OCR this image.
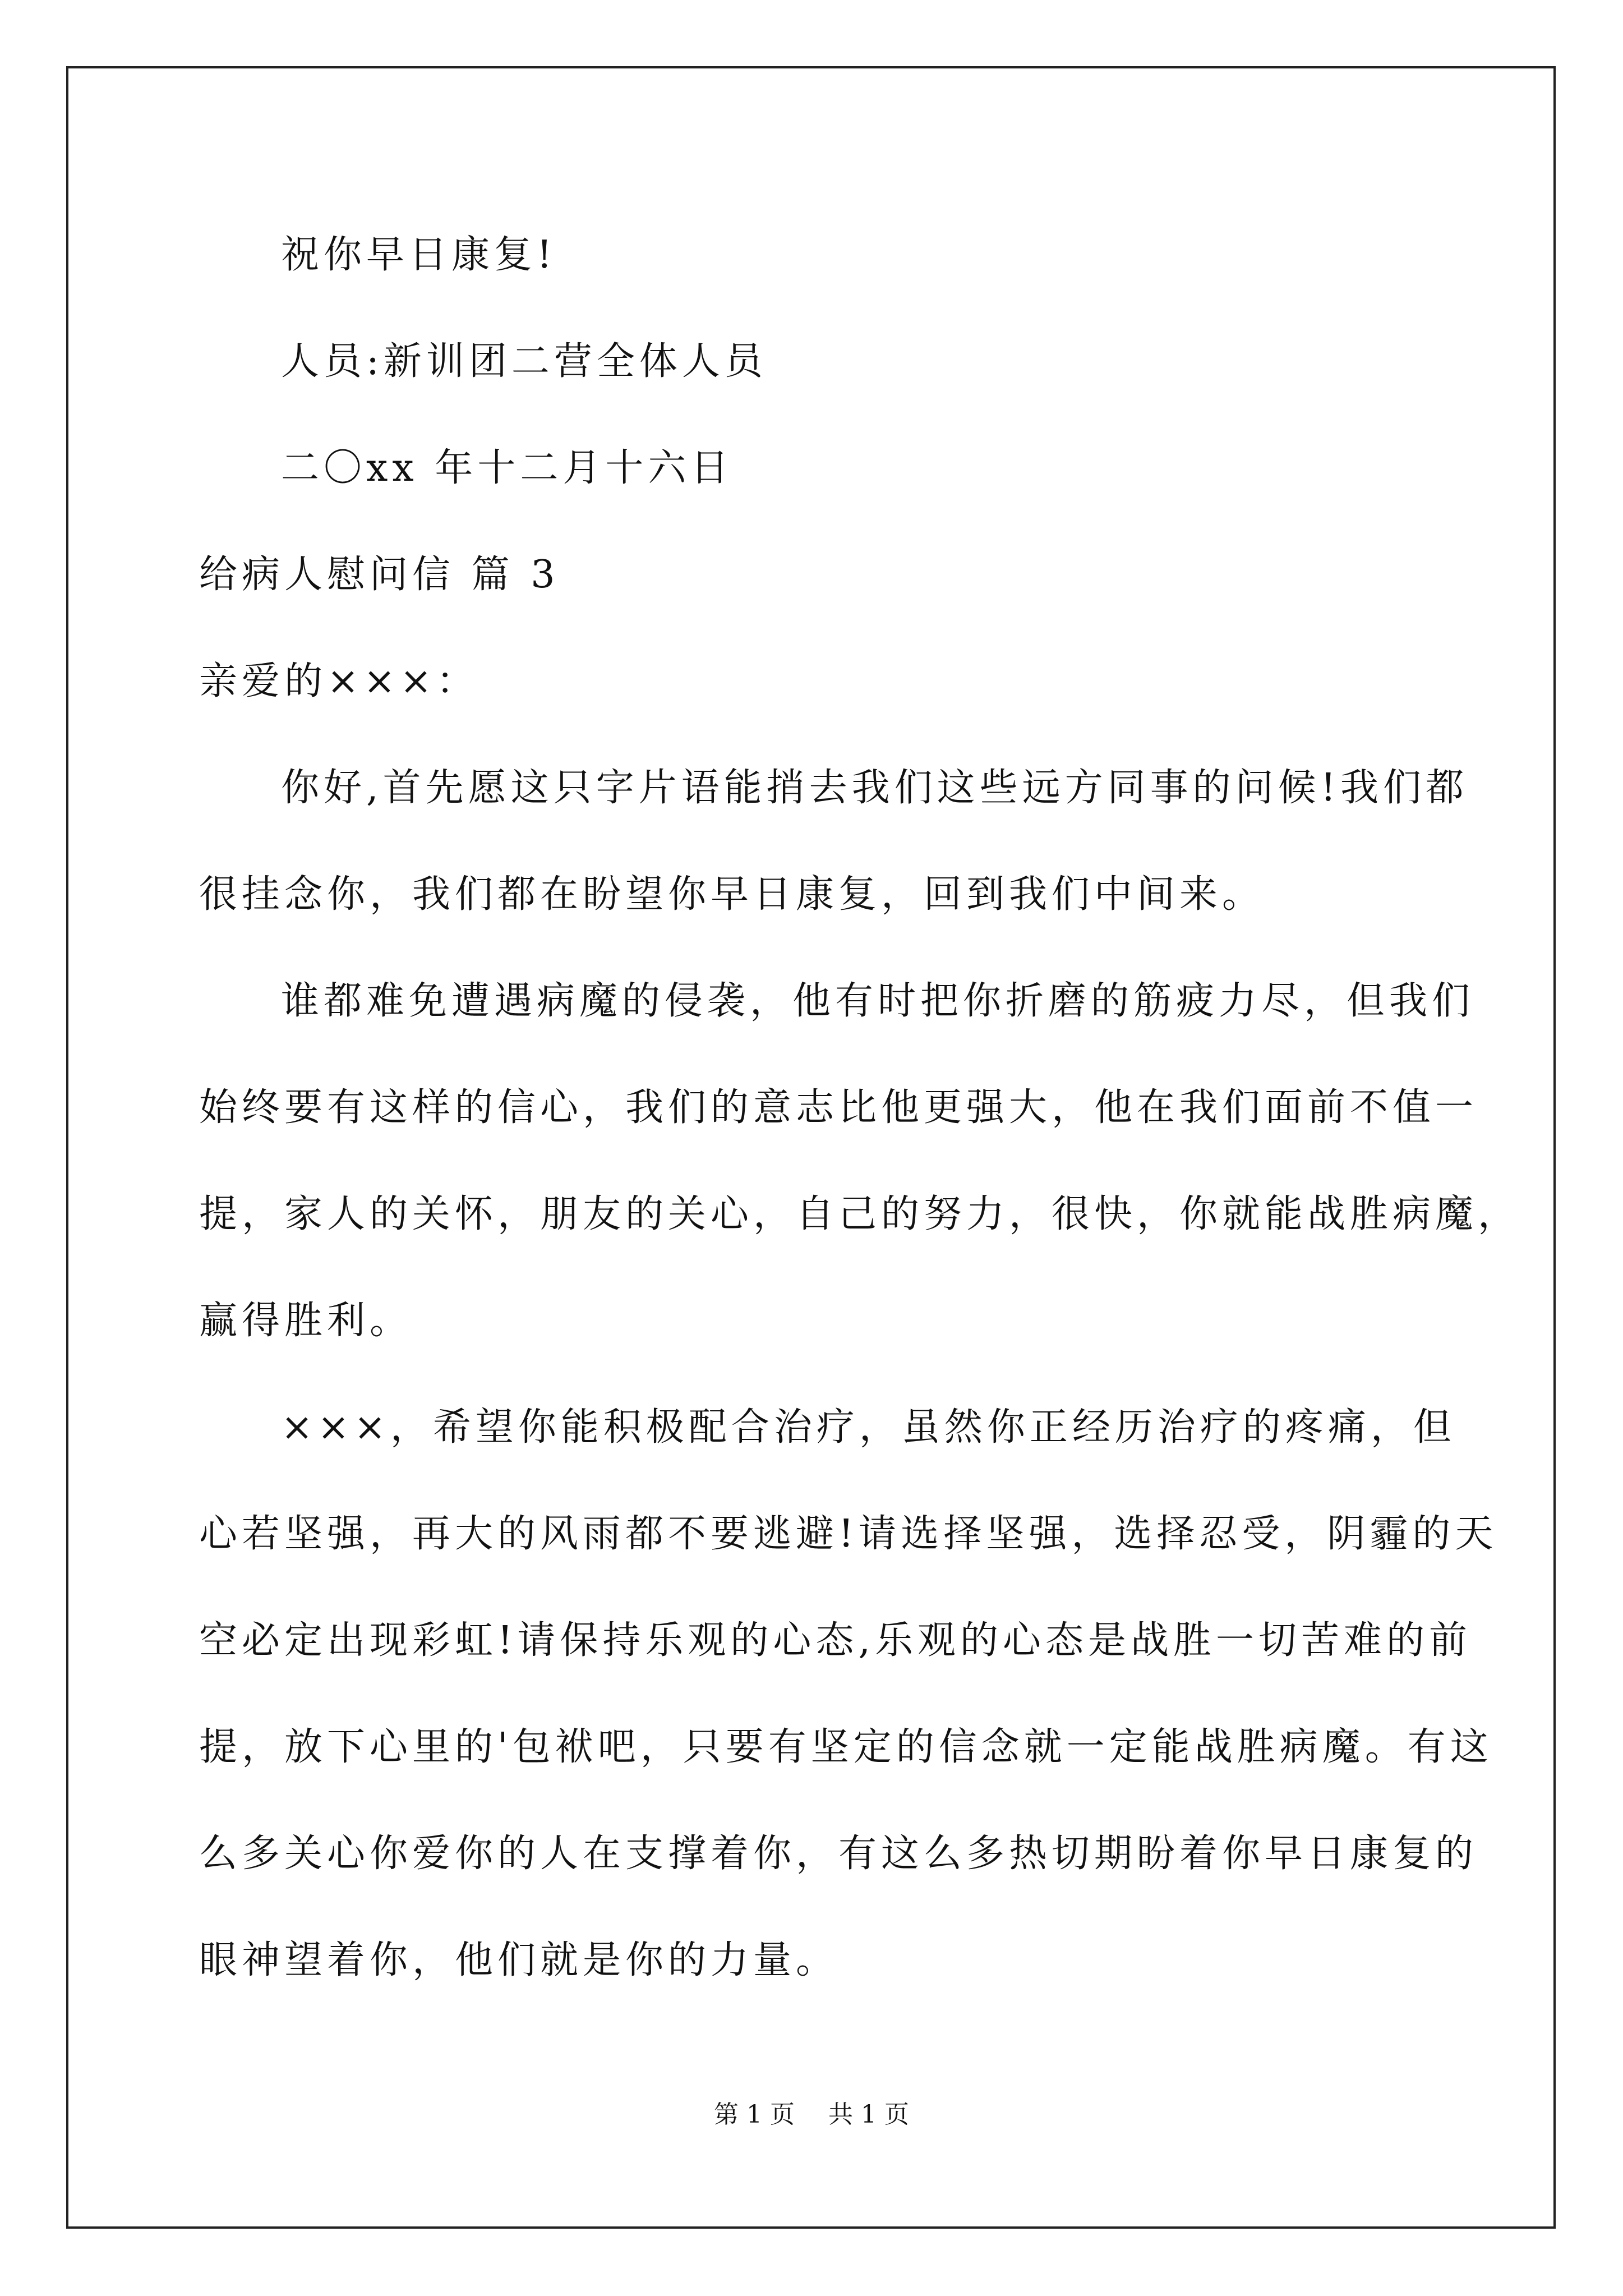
祝你早日康复!
人员:新训团二营全体人员
二〇xx 年十二月十六日
给病人慰问信 篇 3
亲爱的×××：
你好,首先愿这只字片语能捎去我们这些远方同事的问候!我们都
很挂念你，我们都在盼望你早日康复，回到我们中间来。
谁都难免遭遇病魔的侵袭，他有时把你折磨的筋疲力尽，但我们
始终要有这样的信心，我们的意志比他更强大，他在我们面前不值一
提，家人的关怀，朋友的关心，自己的努力，很快，你就能战胜病魔，
赢得胜利。
×××，希望你能积极配合治疗，虽然你正经历治疗的疼痛，但
心若坚强，再大的风雨都不要逃避!请选择坚强，选择忍受，阴霾的天
空必定出现彩虹!请保持乐观的心态,乐观的心态是战胜一切苦难的前
提，放下心里的'包袱吧，只要有坚定的信念就一定能战胜病魔。有这
么多关心你爱你的人在支撑着你，有这么多热切期盼着你早日康复的
眼神望着你，他们就是你的力量。
第 1 页 共 1 页
